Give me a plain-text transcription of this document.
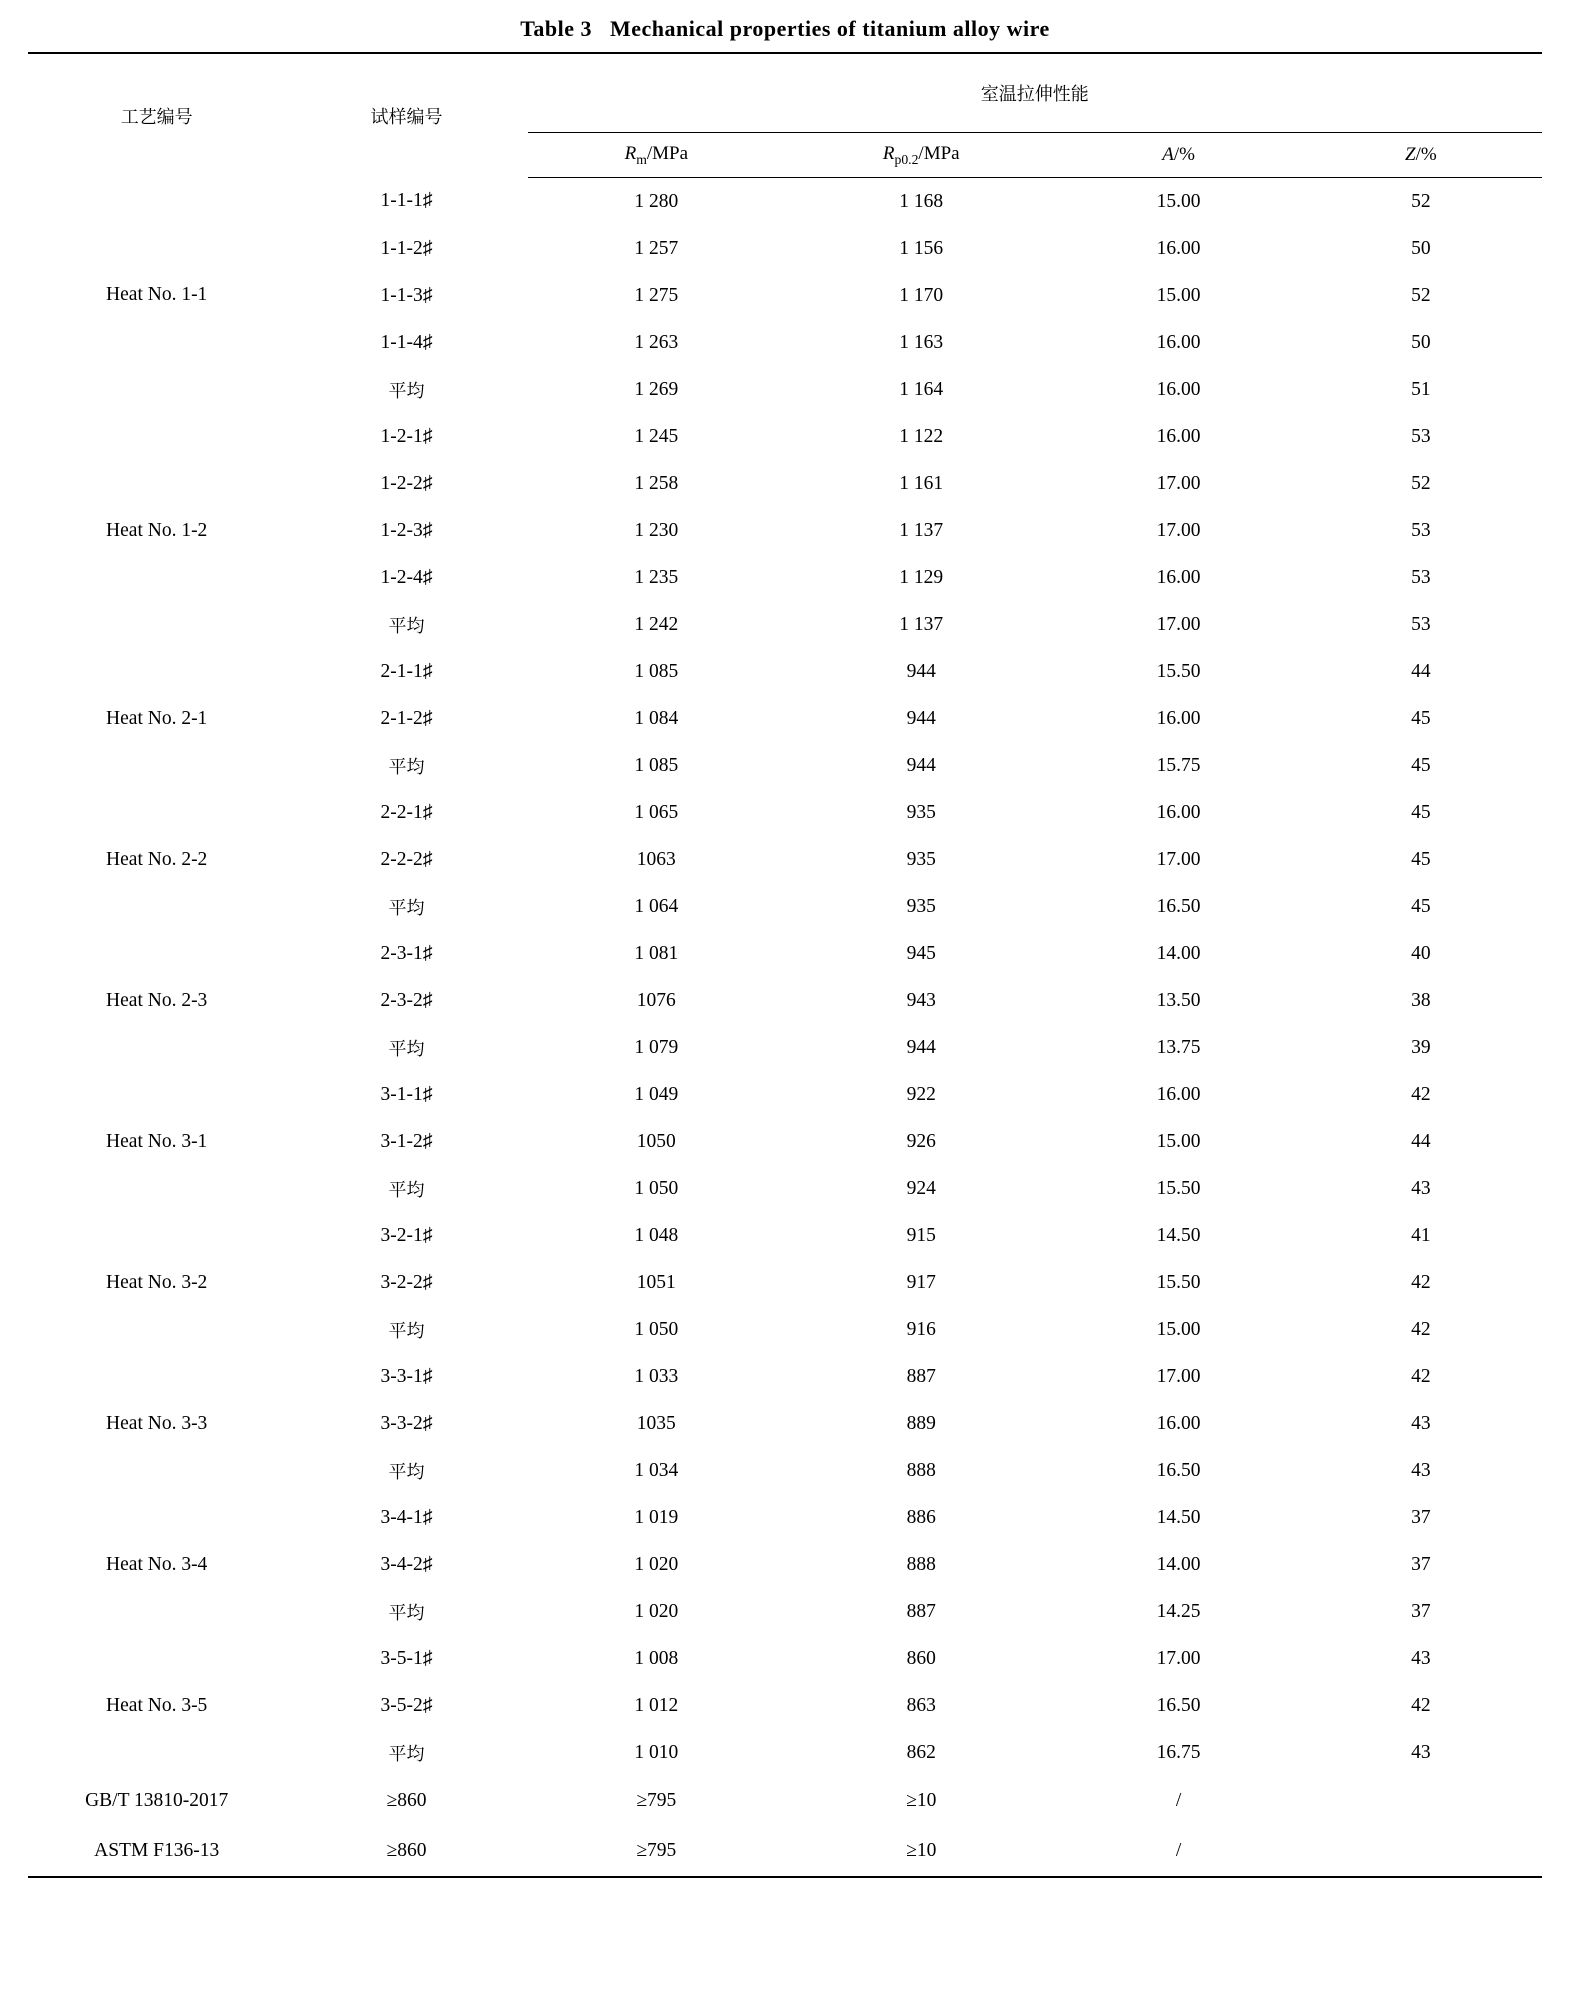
Table 3 Mechanical properties of titanium alloy wire
工艺编号	试样编号	室温拉伸性能			
		$R_m$/MPa	$R_{p0.2}$/MPa	A/%	Z/%
Heat No. 1-1	1-1-1♯	1 280	1 168	15.00	52
	1-1-2♯	1 257	1 156	16.00	50
	1-1-3♯	1 275	1 170	15.00	52
	1-1-4♯	1 263	1 163	16.00	50
	平均	1 269	1 164	16.00	51
Heat No. 1-2	1-2-1♯	1 245	1 122	16.00	53
	1-2-2♯	1 258	1 161	17.00	52
	1-2-3♯	1 230	1 137	17.00	53
	1-2-4♯	1 235	1 129	16.00	53
	平均	1 242	1 137	17.00	53
Heat No. 2-1	2-1-1♯	1 085	944	15.50	44
	2-1-2♯	1 084	944	16.00	45
	平均	1 085	944	15.75	45
Heat No. 2-2	2-2-1♯	1 065	935	16.00	45
	2-2-2♯	1063	935	17.00	45
	平均	1 064	935	16.50	45
Heat No. 2-3	2-3-1♯	1 081	945	14.00	40
	2-3-2♯	1076	943	13.50	38
	平均	1 079	944	13.75	39
Heat No. 3-1	3-1-1♯	1 049	922	16.00	42
	3-1-2♯	1050	926	15.00	44
	平均	1 050	924	15.50	43
Heat No. 3-2	3-2-1♯	1 048	915	14.50	41
	3-2-2♯	1051	917	15.50	42
	平均	1 050	916	15.00	42
Heat No. 3-3	3-3-1♯	1 033	887	17.00	42
	3-3-2♯	1035	889	16.00	43
	平均	1 034	888	16.50	43
Heat No. 3-4	3-4-1♯	1 019	886	14.50	37
	3-4-2♯	1 020	888	14.00	37
	平均	1 020	887	14.25	37
Heat No. 3-5	3-5-1♯	1 008	860	17.00	43
	3-5-2♯	1 012	863	16.50	42
	平均	1 010	862	16.75	43
GB/T 13810-2017	≥860	≥795	≥10	/	
ASTM F136-13	≥860	≥795	≥10	/	
